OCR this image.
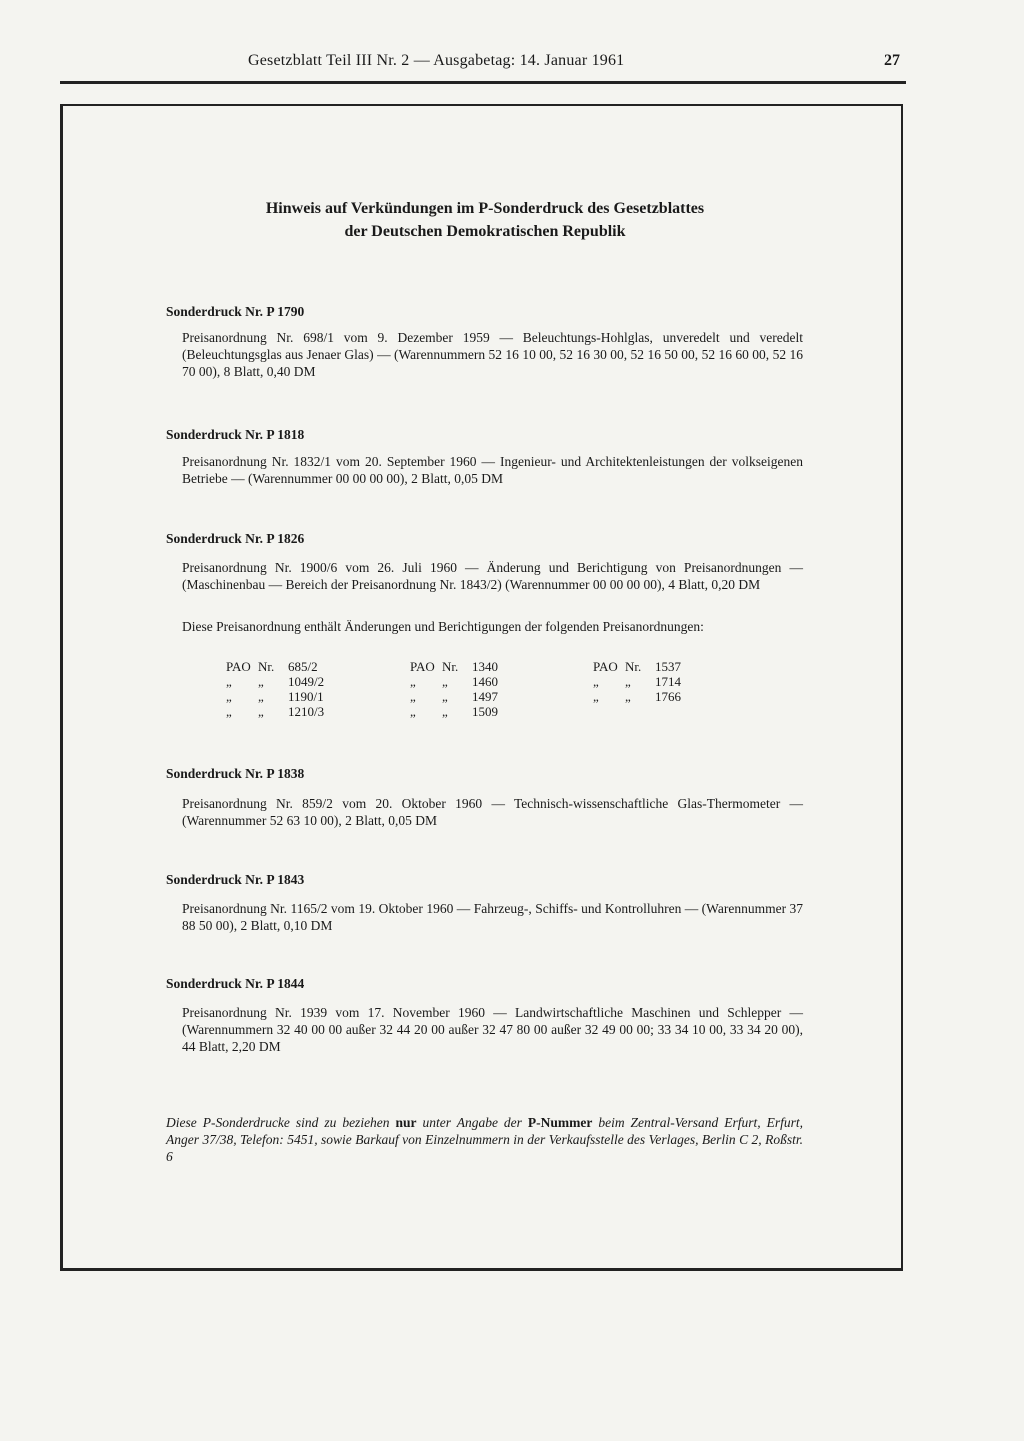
Gesetzblatt Teil III Nr. 2 — Ausgabetag: 14. Januar 1961	27
Hinweis auf Verkündungen im P-Sonderdruck des Gesetzblattes
der Deutschen Demokratischen Republik
Sonderdruck Nr. P 1790
Preisanordnung Nr. 698/1 vom 9. Dezember 1959 — Beleuchtungs-Hohlglas, unveredelt und veredelt (Beleuchtungsglas aus Jenaer Glas) — (Warennummern 52 16 10 00, 52 16 30 00, 52 16 50 00, 52 16 60 00, 52 16 70 00), 8 Blatt, 0,40 DM
Sonderdruck Nr. P 1818
Preisanordnung Nr. 1832/1 vom 20. September 1960 — Ingenieur- und Architektenleistungen der volkseigenen Betriebe — (Warennummer 00 00 00 00), 2 Blatt, 0,05 DM
Sonderdruck Nr. P 1826
Preisanordnung Nr. 1900/6 vom 26. Juli 1960 — Änderung und Berichtigung von Preisanordnungen — (Maschinenbau — Bereich der Preisanordnung Nr. 1843/2) (Warennummer 00 00 00 00), 4 Blatt, 0,20 DM
Diese Preisanordnung enthält Änderungen und Berichtigungen der folgenden Preisanordnungen:
PAO Nr. 685/2
„ „ 1049/2
„ „ 1190/1
„ „ 1210/3
PAO Nr. 1340
„ „ 1460
„ „ 1497
„ „ 1509
PAO Nr. 1537
„ „ 1714
„ „ 1766
Sonderdruck Nr. P 1838
Preisanordnung Nr. 859/2 vom 20. Oktober 1960 — Technisch-wissenschaftliche Glas-Thermometer — (Warennummer 52 63 10 00), 2 Blatt, 0,05 DM
Sonderdruck Nr. P 1843
Preisanordnung Nr. 1165/2 vom 19. Oktober 1960 — Fahrzeug-, Schiffs- und Kontrolluhren — (Warennummer 37 88 50 00), 2 Blatt, 0,10 DM
Sonderdruck Nr. P 1844
Preisanordnung Nr. 1939 vom 17. November 1960 — Landwirtschaftliche Maschinen und Schlepper — (Warennummern 32 40 00 00 außer 32 44 20 00 außer 32 47 80 00 außer 32 49 00 00; 33 34 10 00, 33 34 20 00), 44 Blatt, 2,20 DM
Diese P-Sonderdrucke sind zu beziehen nur unter Angabe der P-Nummer beim Zentral-Versand Erfurt, Erfurt, Anger 37/38, Telefon: 5451, sowie Barkauf von Einzelnummern in der Verkaufsstelle des Verlages, Berlin C 2, Roßstr. 6
